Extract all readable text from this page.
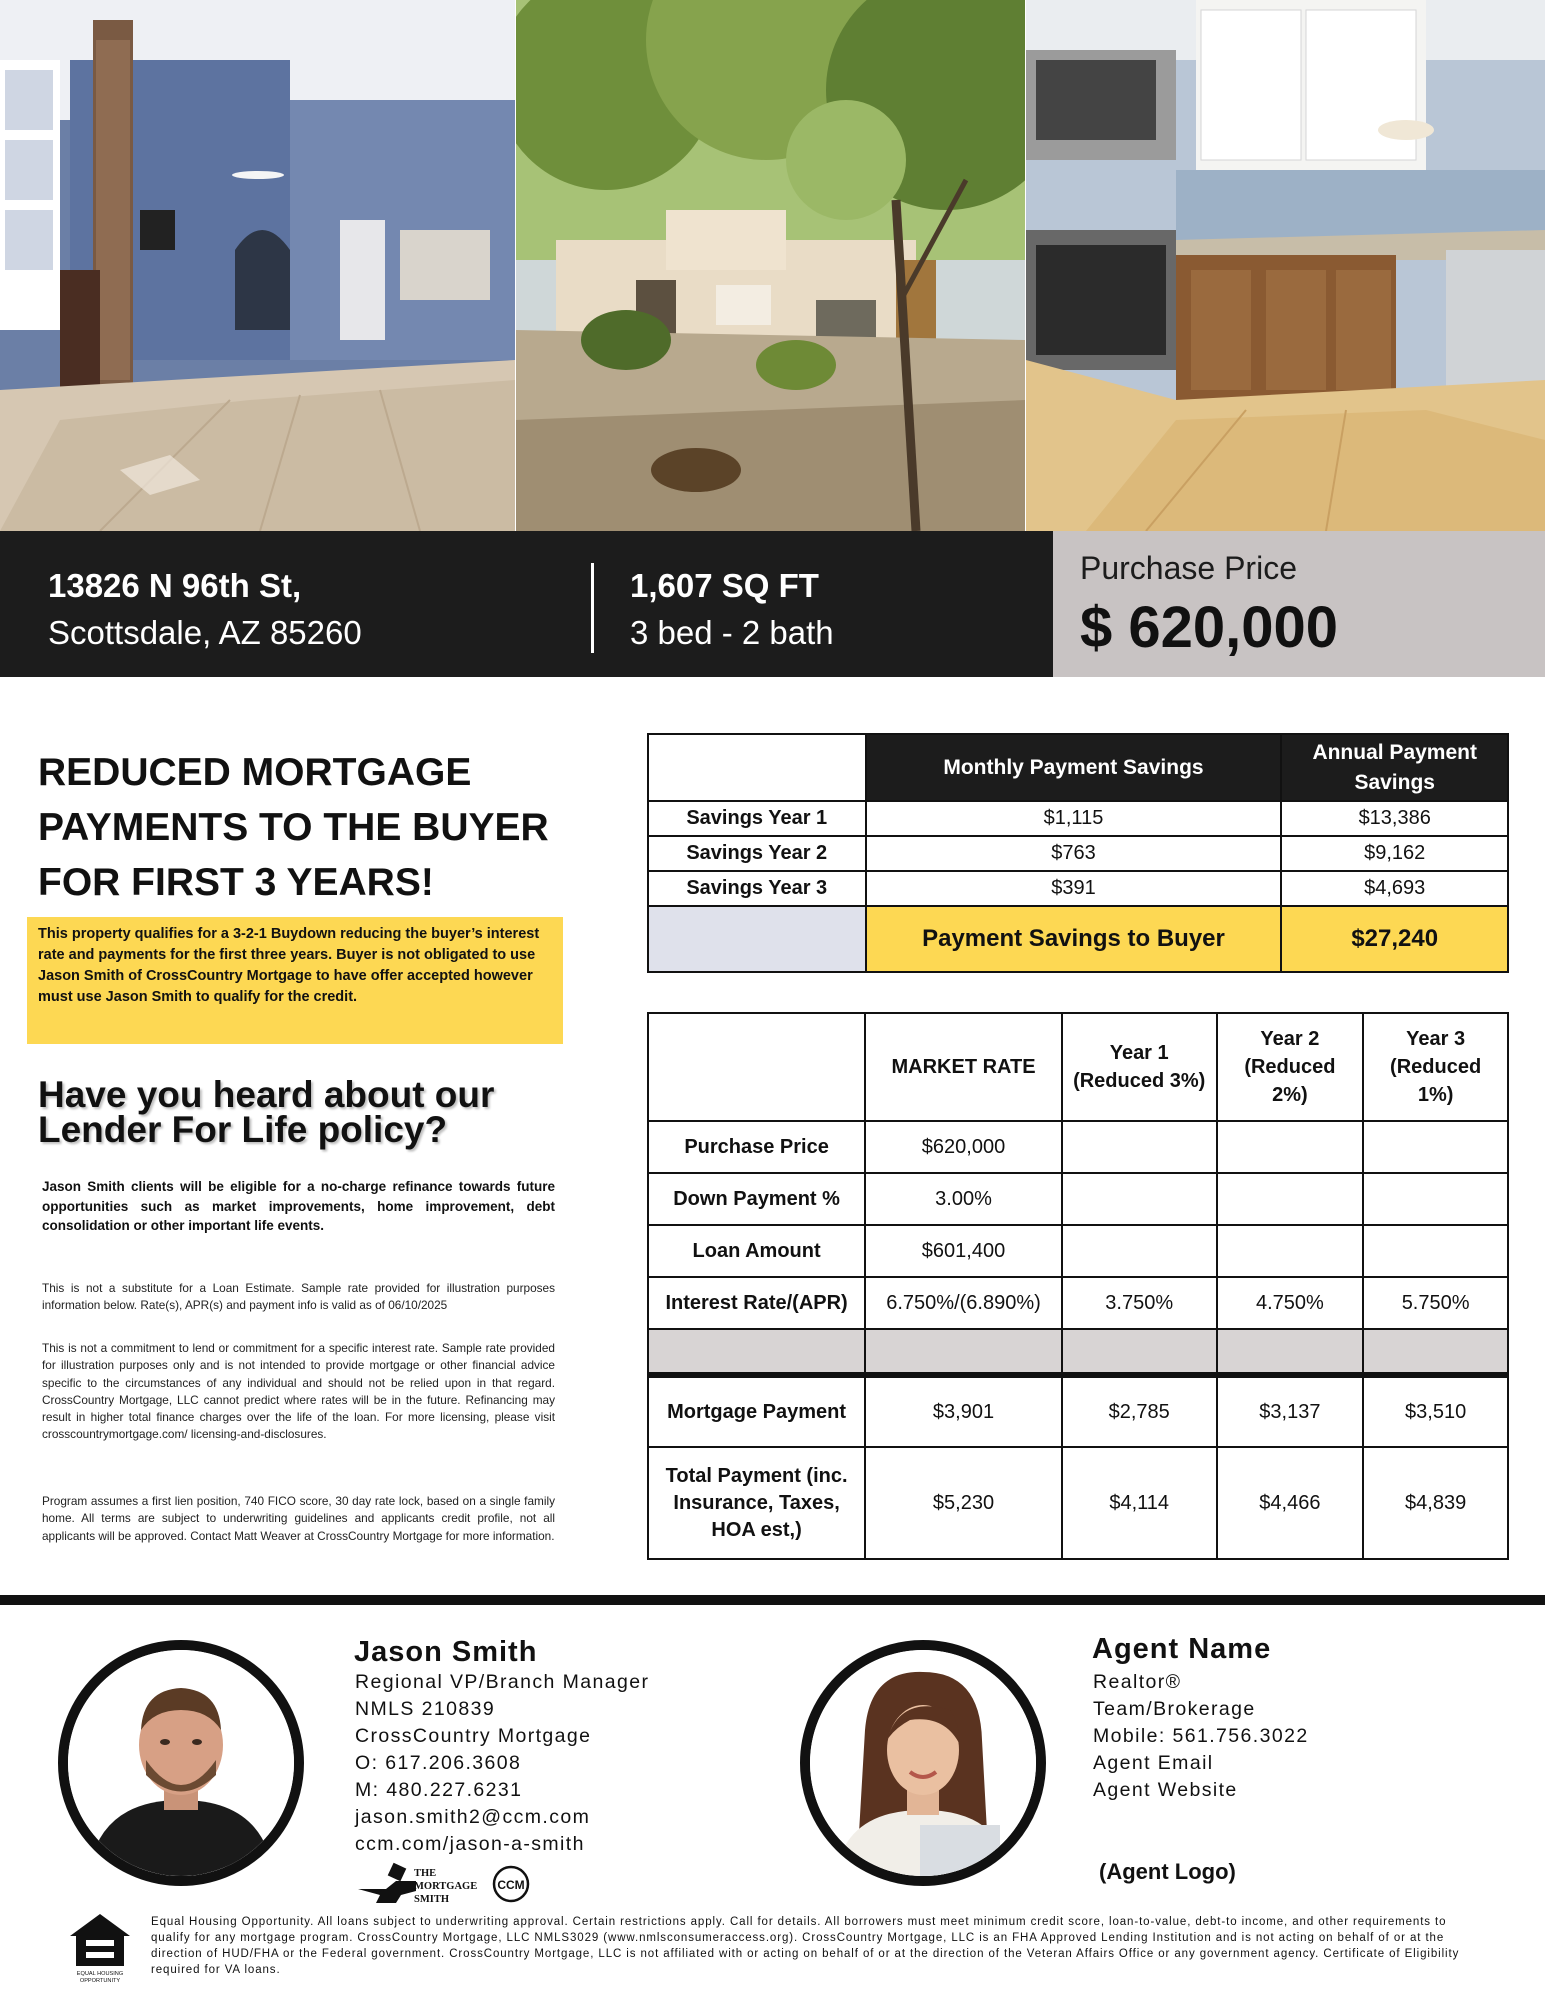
13826 N 96th St,
Scottsdale, AZ 85260
1,607 SQ FT
3 bed - 2 bath
Purchase Price
$ 620,000
REDUCED MORTGAGE PAYMENTS TO THE BUYER FOR FIRST 3 YEARS!
This property qualifies for a 3-2-1 Buydown reducing the buyer’s interest rate and payments for the first three years. Buyer is not obligated to use Jason Smith of CrossCountry Mortgage to have offer accepted however must use Jason Smith to qualify for the credit.
Have you heard about our Lender For Life policy?
Jason Smith clients will be eligible for a no-charge refinance towards future opportunities such as market improvements, home improvement, debt consolidation or other important life events.
This is not a substitute for a Loan Estimate. Sample rate provided for illustration purposes information below. Rate(s), APR(s) and payment info is valid as of 06/10/2025
This is not a commitment to lend or commitment for a specific interest rate. Sample rate provided for illustration purposes only and is not intended to provide mortgage or other financial advice specific to the circumstances of any individual and should not be relied upon in that regard. CrossCountry Mortgage, LLC cannot predict where rates will be in the future. Refinancing may result in higher total finance charges over the life of the loan. For more licensing, please visit crosscountrymortgage.com/ licensing-and-disclosures.
Program assumes a first lien position, 740 FICO score, 30 day rate lock, based on a single family home. All terms are subject to underwriting guidelines and applicants credit profile, not all applicants will be approved. Contact Matt Weaver at CrossCountry Mortgage for more information.
	Monthly Payment Savings	Annual Payment Savings
Savings Year 1	$1,115	$13,386
Savings Year 2	$763	$9,162
Savings Year 3	$391	$4,693
	Payment Savings to Buyer	$27,240
	MARKET RATE	Year 1 (Reduced 3%)	Year 2 (Reduced 2%)	Year 3 (Reduced 1%)
Purchase Price	$620,000			
Down Payment %	3.00%			
Loan Amount	$601,400			
Interest Rate/(APR)	6.750%/(6.890%)	3.750%	4.750%	5.750%

Mortgage Payment	$3,901	$2,785	$3,137	$3,510
Total Payment (inc. Insurance, Taxes, HOA est,)	$5,230	$4,114	$4,466	$4,839
Jason Smith
Regional VP/Branch Manager
NMLS 210839
CrossCountry Mortgage
O: 617.206.3608
M: 480.227.6231
jason.smith2@ccm.com
ccm.com/jason-a-smith
THE
MORTGAGE
SMITH
CCM
Agent Name
Realtor®
Team/Brokerage
Mobile: 561.756.3022
Agent Email
Agent Website
(Agent Logo)
EQUAL HOUSING
OPPORTUNITY
Equal Housing Opportunity. All loans subject to underwriting approval. Certain restrictions apply. Call for details. All borrowers must meet minimum credit score, loan-to-value, debt-to income, and other requirements to qualify for any mortgage program. CrossCountry Mortgage, LLC NMLS3029 (www.nmlsconsumeraccess.org). CrossCountry Mortgage, LLC is an FHA Approved Lending Institution and is not acting on behalf of or at the direction of HUD/FHA or the Federal government. CrossCountry Mortgage, LLC is not affiliated with or acting on behalf of or at the direction of the Veteran Affairs Office or any government agency. Certificate of Eligibility required for VA loans.
